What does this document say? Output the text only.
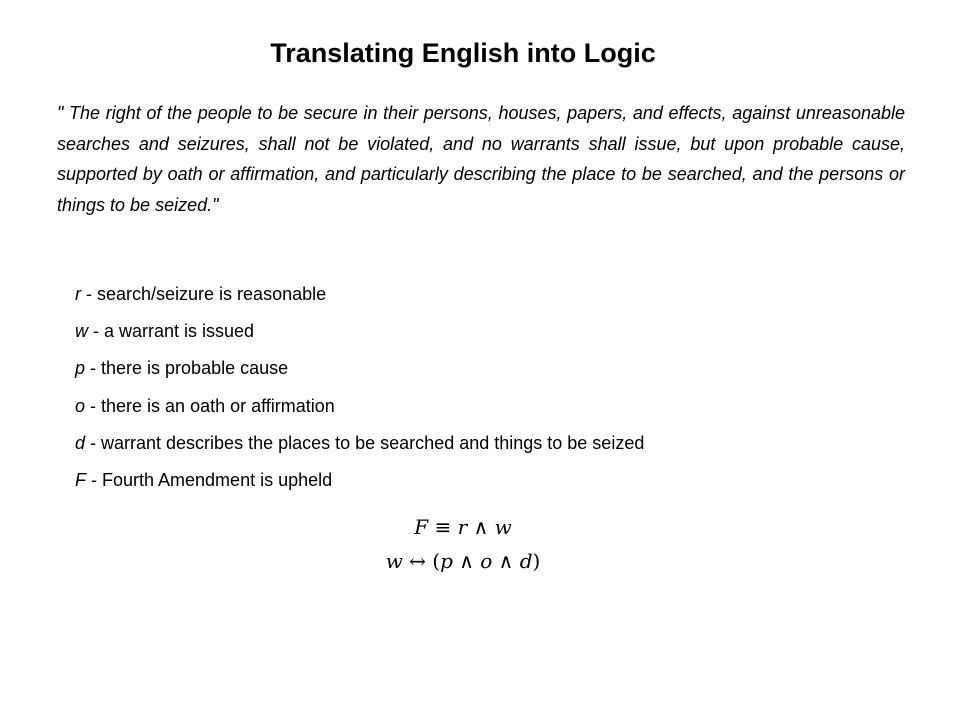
Translating English into Logic
" The right of the people to be secure in their persons, houses, papers, and effects, against unreasonable searches and seizures, shall not be violated, and no warrants shall issue, but upon probable cause, supported by oath or affirmation, and particularly describing the place to be searched, and the persons or things to be seized."
r - search/seizure is reasonable
w - a warrant is issued
p - there is probable cause
o - there is an oath or affirmation
d - warrant describes the places to be searched and things to be seized
F - Fourth Amendment is upheld
F ≡ r ∧ w
w ↔ (p ∧ o ∧ d)
